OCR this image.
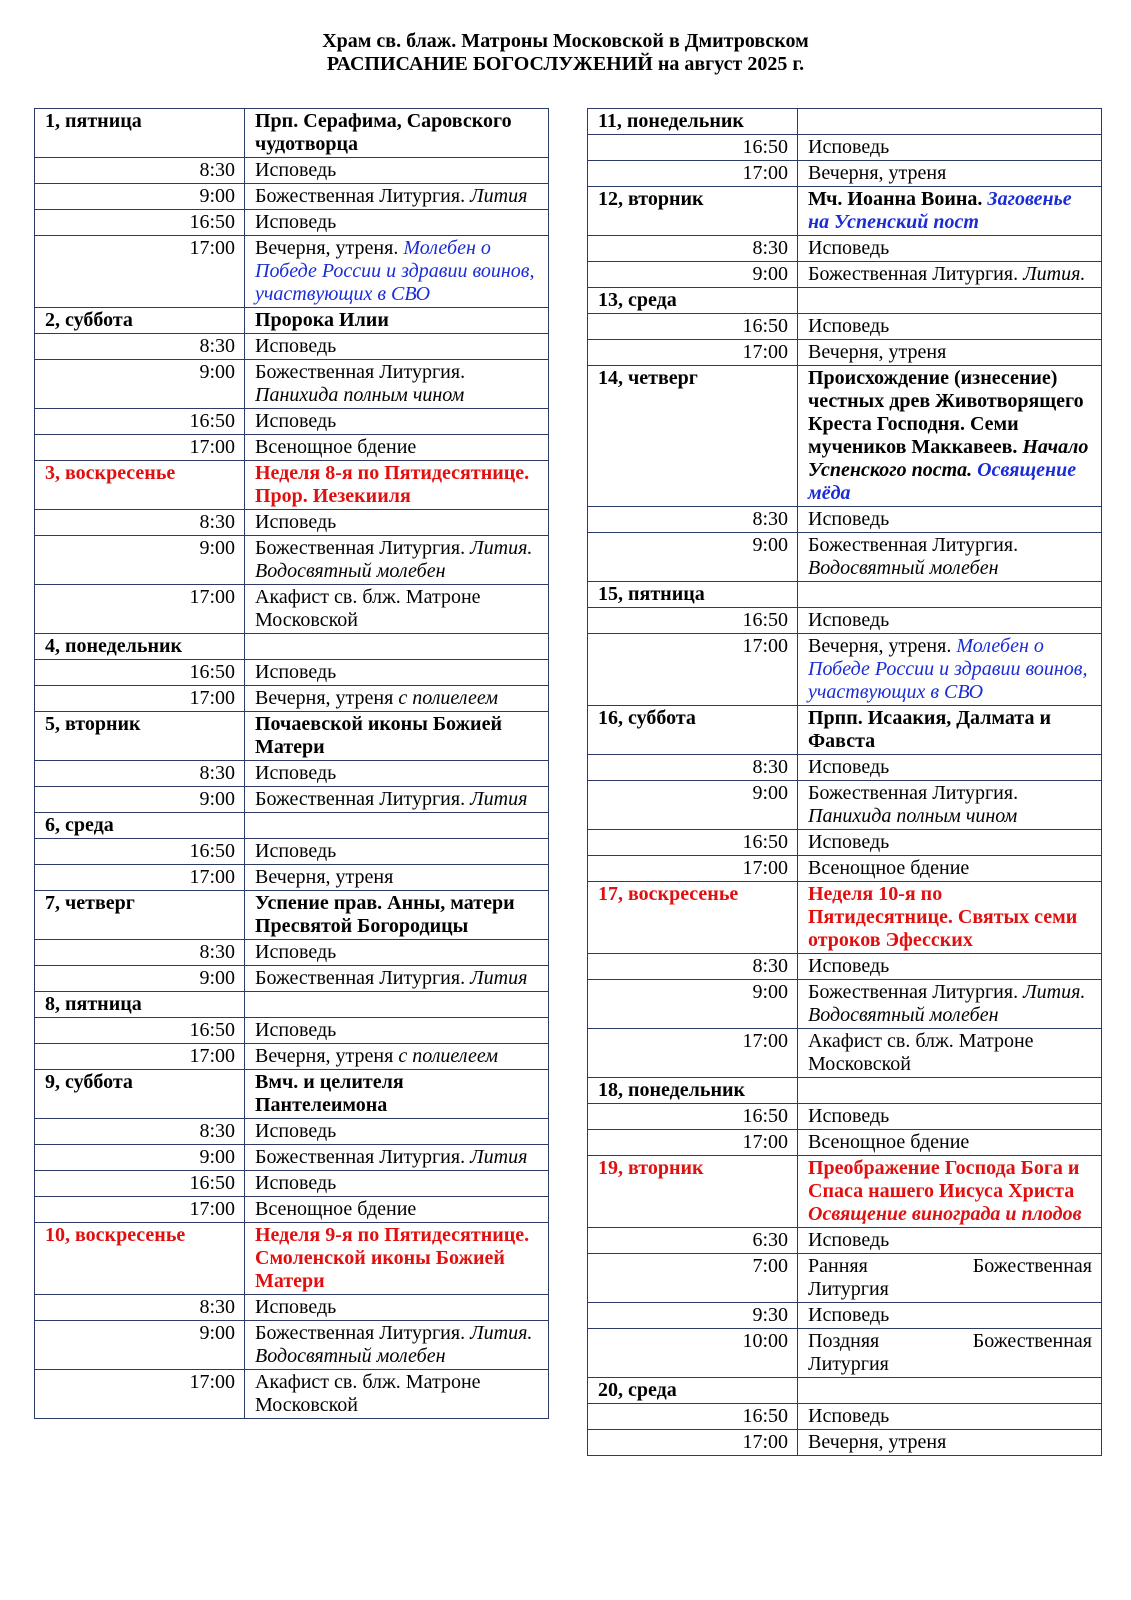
Храм св. блаж. Матроны Московской в Дмитровском
РАСПИСАНИЕ БОГОСЛУЖЕНИЙ на август 2025 г.
1, пятница	Прп. Серафима, Саровского чудотворца
8:30	Исповедь
9:00	Божественная Литургия. Лития
16:50	Исповедь
17:00	Вечерня, утреня. Молебен о Победе России и здравии воинов, участвующих в СВО
2, суббота	Пророка Илии
8:30	Исповедь
9:00	Божественная Литургия. Панихида полным чином
16:50	Исповедь
17:00	Всенощное бдение
3, воскресенье	Неделя 8-я по Пятидесятнице. Прор. Иезекииля
8:30	Исповедь
9:00	Божественная Литургия. Лития. Водосвятный молебен
17:00	Акафист св. блж. Матроне Московской
4, понедельник	
16:50	Исповедь
17:00	Вечерня, утреня с полиелеем
5, вторник	Почаевской иконы Божией Матери
8:30	Исповедь
9:00	Божественная Литургия. Лития
6, среда	
16:50	Исповедь
17:00	Вечерня, утреня
7, четверг	Успение прав. Анны, матери Пресвятой Богородицы
8:30	Исповедь
9:00	Божественная Литургия. Лития
8, пятница	
16:50	Исповедь
17:00	Вечерня, утреня с полиелеем
9, суббота	Вмч. и целителя Пантелеимона
8:30	Исповедь
9:00	Божественная Литургия. Лития
16:50	Исповедь
17:00	Всенощное бдение
10, воскресенье	Неделя 9-я по Пятидесятнице. Смоленской иконы Божией Матери
8:30	Исповедь
9:00	Божественная Литургия. Лития. Водосвятный молебен
17:00	Акафист св. блж. Матроне Московской
11, понедельник	
16:50	Исповедь
17:00	Вечерня, утреня
12, вторник	Мч. Иоанна Воина. Заговенье на Успенский пост
8:30	Исповедь
9:00	Божественная Литургия. Лития.
13, среда	
16:50	Исповедь
17:00	Вечерня, утреня
14, четверг	Происхождение (изнесение) честных древ Животворящего Креста Господня. Семи мучеников Маккавеев. Начало Успенского поста. Освящение мёда
8:30	Исповедь
9:00	Божественная Литургия. Водосвятный молебен
15, пятница	
16:50	Исповедь
17:00	Вечерня, утреня. Молебен о Победе России и здравии воинов, участвующих в СВО
16, суббота	Прпп. Исаакия, Далмата и Фавста
8:30	Исповедь
9:00	Божественная Литургия. Панихида полным чином
16:50	Исповедь
17:00	Всенощное бдение
17, воскресенье	Неделя 10-я по Пятидесятнице. Святых семи отроков Эфесских
8:30	Исповедь
9:00	Божественная Литургия. Лития. Водосвятный молебен
17:00	Акафист св. блж. Матроне Московской
18, понедельник	
16:50	Исповедь
17:00	Всенощное бдение
19, вторник	Преображение Господа Бога и Спаса нашего Иисуса Христа Освящение винограда и плодов
6:30	Исповедь
7:00	Ранняя Божественная
Литургия
9:30	Исповедь
10:00	Поздняя Божественная
Литургия
20, среда	
16:50	Исповедь
17:00	Вечерня, утреня
